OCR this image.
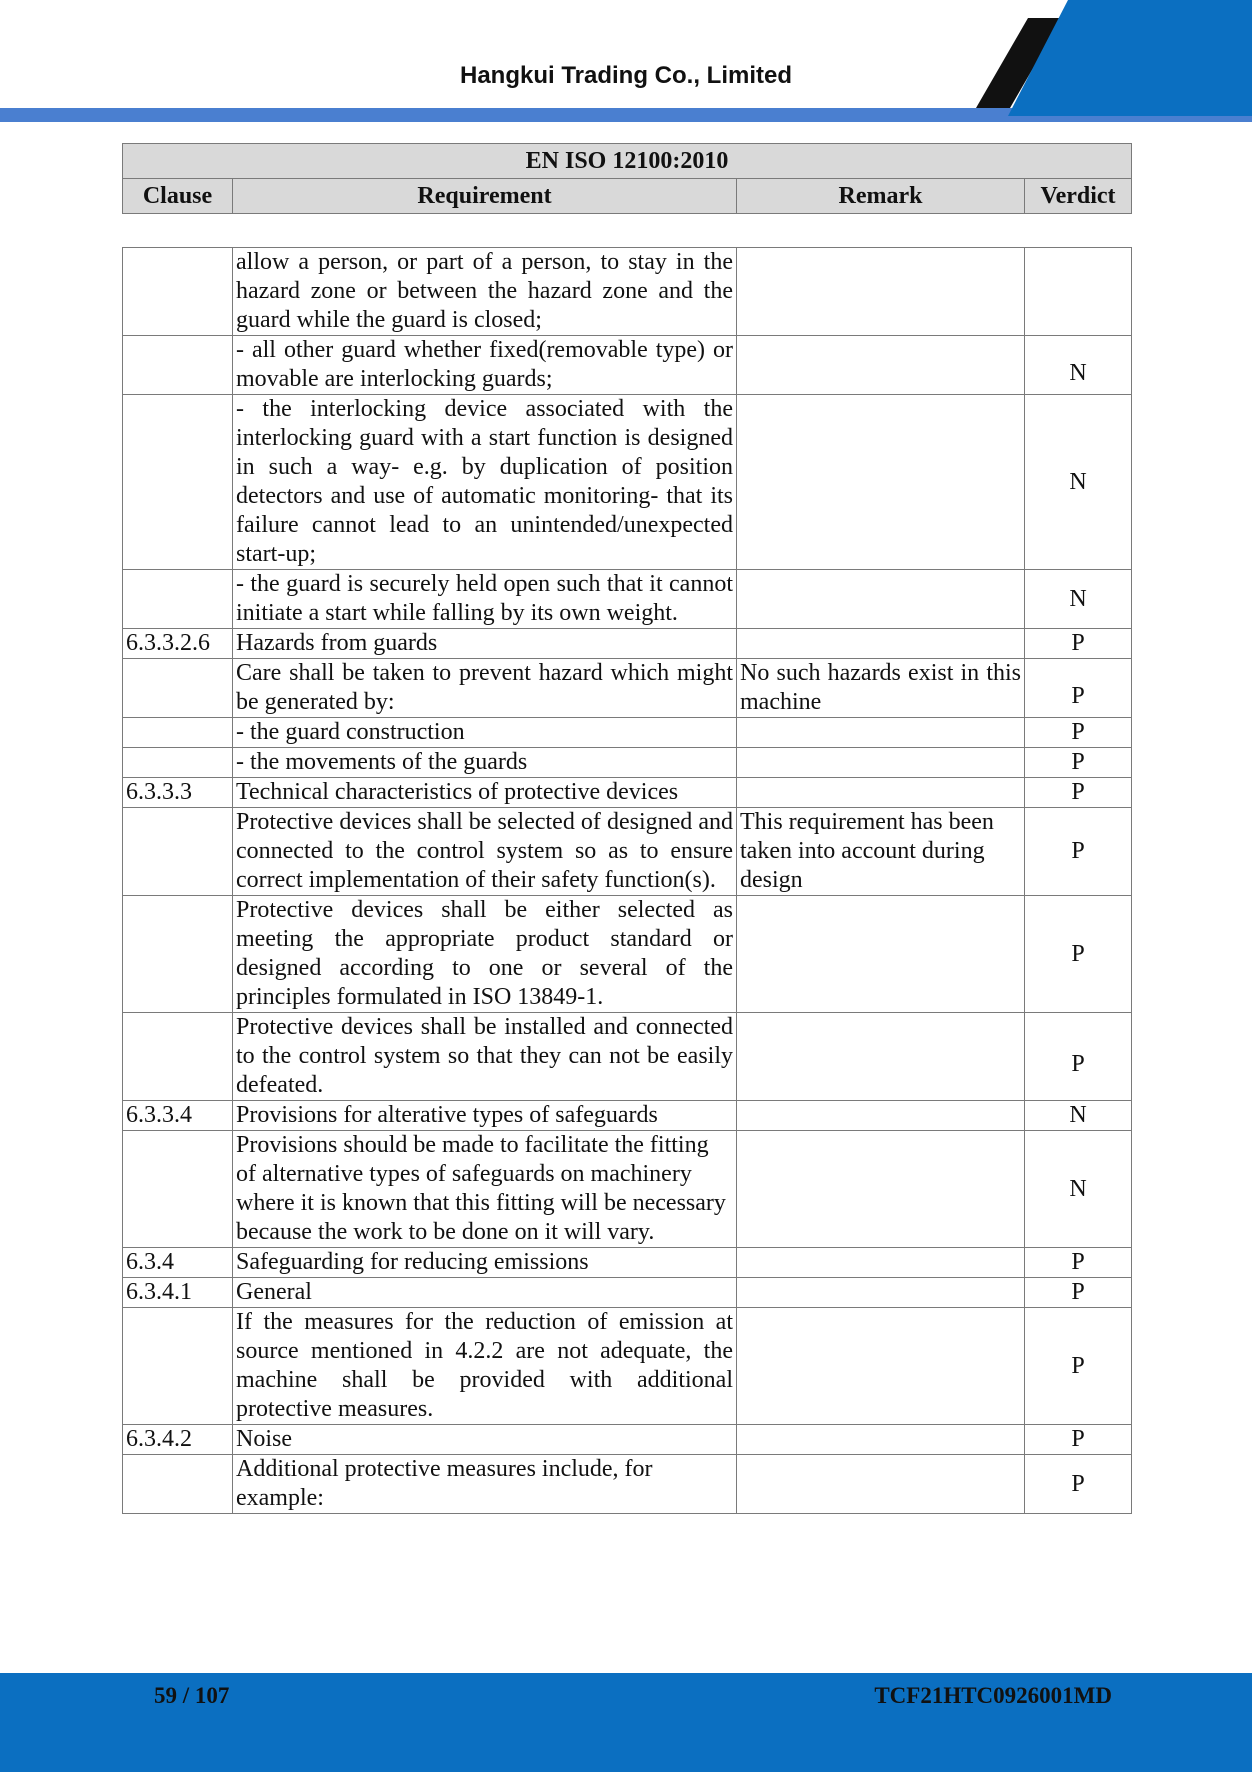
Hangkui Trading Co., Limited
EN ISO 12100:2010
Clause	Requirement	Remark	Verdict
	allow a person, or part of a person, to stay in the hazard zone or between the hazard zone and the guard while the guard is closed;		
	- all other guard whether fixed(removable type) or movable are interlocking guards;		N
	- the interlocking device associated with the interlocking guard with a start function is designed in such a way- e.g. by duplication of position detectors and use of automatic monitoring- that its failure cannot lead to an unintended/unexpected start-up;		N
	- the guard is securely held open such that it cannot initiate a start while falling by its own weight.		N
6.3.3.2.6	Hazards from guards		P
	Care shall be taken to prevent hazard which might be generated by:	No such hazards exist in this machine	P
	- the guard construction		P
	- the movements of the guards		P
6.3.3.3	Technical characteristics of protective devices		P
	Protective devices shall be selected of designed and connected to the control system so as to ensure correct implementation of their safety function(s).	This requirement has been taken into account during design	P
	Protective devices shall be either selected as meeting the appropriate product standard or designed according to one or several of the principles formulated in ISO 13849-1.		P
	Protective devices shall be installed and connected to the control system so that they can not be easily defeated.		P
6.3.3.4	Provisions for alterative types of safeguards		N
	Provisions should be made to facilitate the fitting of alternative types of safeguards on machinery where it is known that this fitting will be necessary because the work to be done on it will vary.		N
6.3.4	Safeguarding for reducing emissions		P
6.3.4.1	General		P
	If the measures for the reduction of emission at source mentioned in 4.2.2 are not adequate, the machine shall be provided with additional protective measures.		P
6.3.4.2	Noise		P
	Additional protective measures include, for example:		P
59 / 107	TCF21HTC0926001MD
